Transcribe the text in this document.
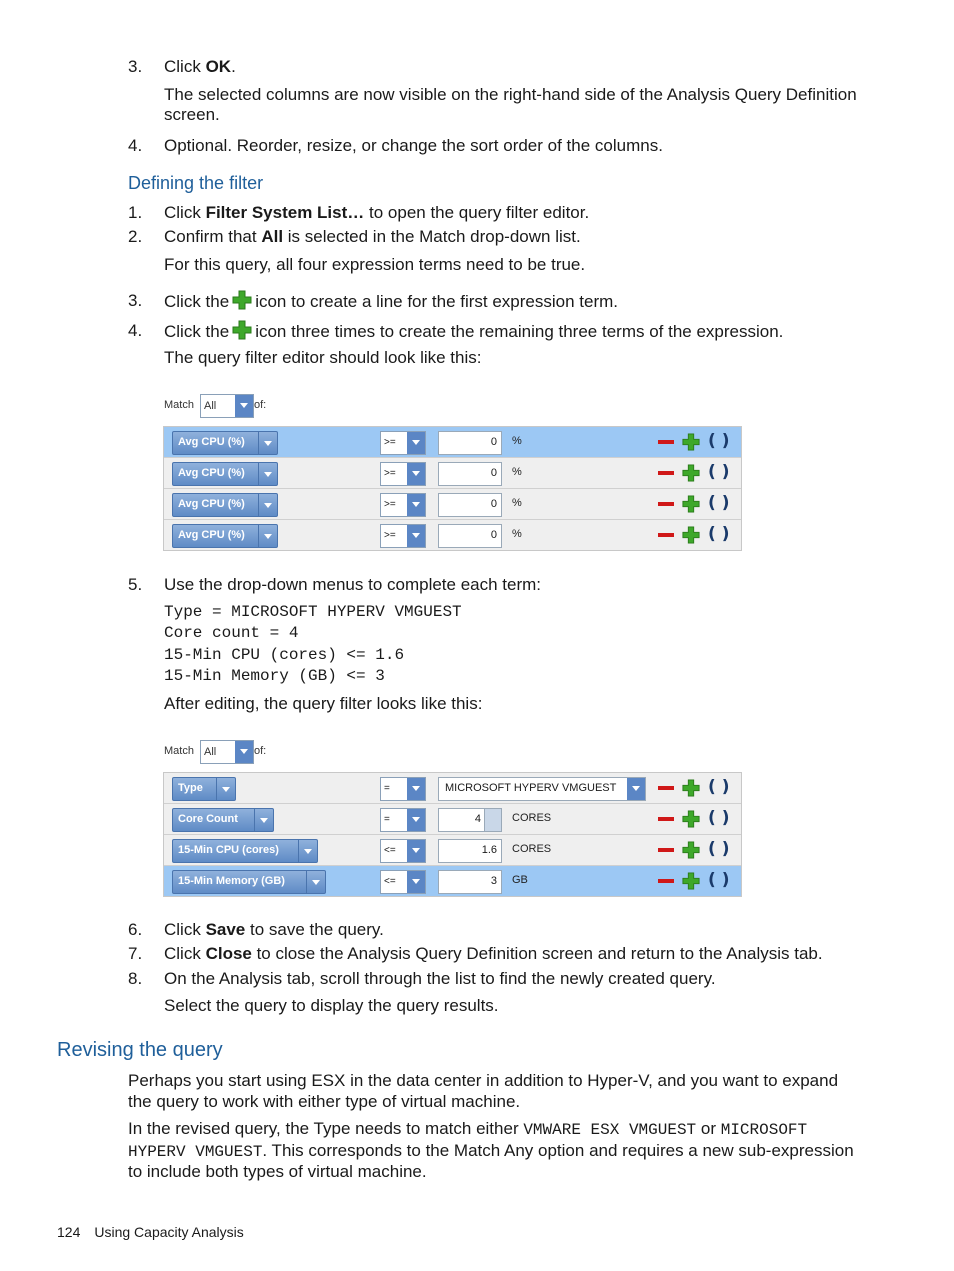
3. Click OK.
The selected columns are now visible on the right-hand side of the Analysis Query Definition
screen.
4. Optional. Reorder, resize, or change the sort order of the columns.
Defining the filter
1. Click Filter System List… to open the query filter editor.
2. Confirm that All is selected in the Match drop-down list.
For this query, all four expression terms need to be true.
3. Click the icon to create a line for the first expression term.
4. Click the icon three times to create the remaining three terms of the expression.
The query filter editor should look like this:
Match All	of:
Avg CPU (%)	>=	0 %	( )
Avg CPU (%)	>=	0 %	( )
Avg CPU (%)	>=	0 %	( )
Avg CPU (%)	>=	0 %	( )
5. Use the drop-down menus to complete each term:
Type = MICROSOFT HYPERV VMGUEST
Core count = 4
15-Min CPU (cores) <= 1.6
15-Min Memory (GB) <= 3
After editing, the query filter looks like this:
Match All	of:
Type	=	MICROSOFT HYPERV VMGUEST	( )
Core Count	=	4	CORES	( )
15-Min CPU (cores)	<=	1.6 CORES	( )
15-Min Memory (GB)	<=	3 GB	( )
6. Click Save to save the query.
7. Click Close to close the Analysis Query Definition screen and return to the Analysis tab.
8. On the Analysis tab, scroll through the list to find the newly created query.
Select the query to display the query results.
Revising the query
Perhaps you start using ESX in the data center in addition to Hyper-V, and you want to expand
the query to work with either type of virtual machine.
In the revised query, the Type needs to match either VMWARE ESX VMGUEST or MICROSOFT
HYPERV VMGUEST. This corresponds to the Match Any option and requires a new sub-expression
to include both types of virtual machine.
124 Using Capacity Analysis
